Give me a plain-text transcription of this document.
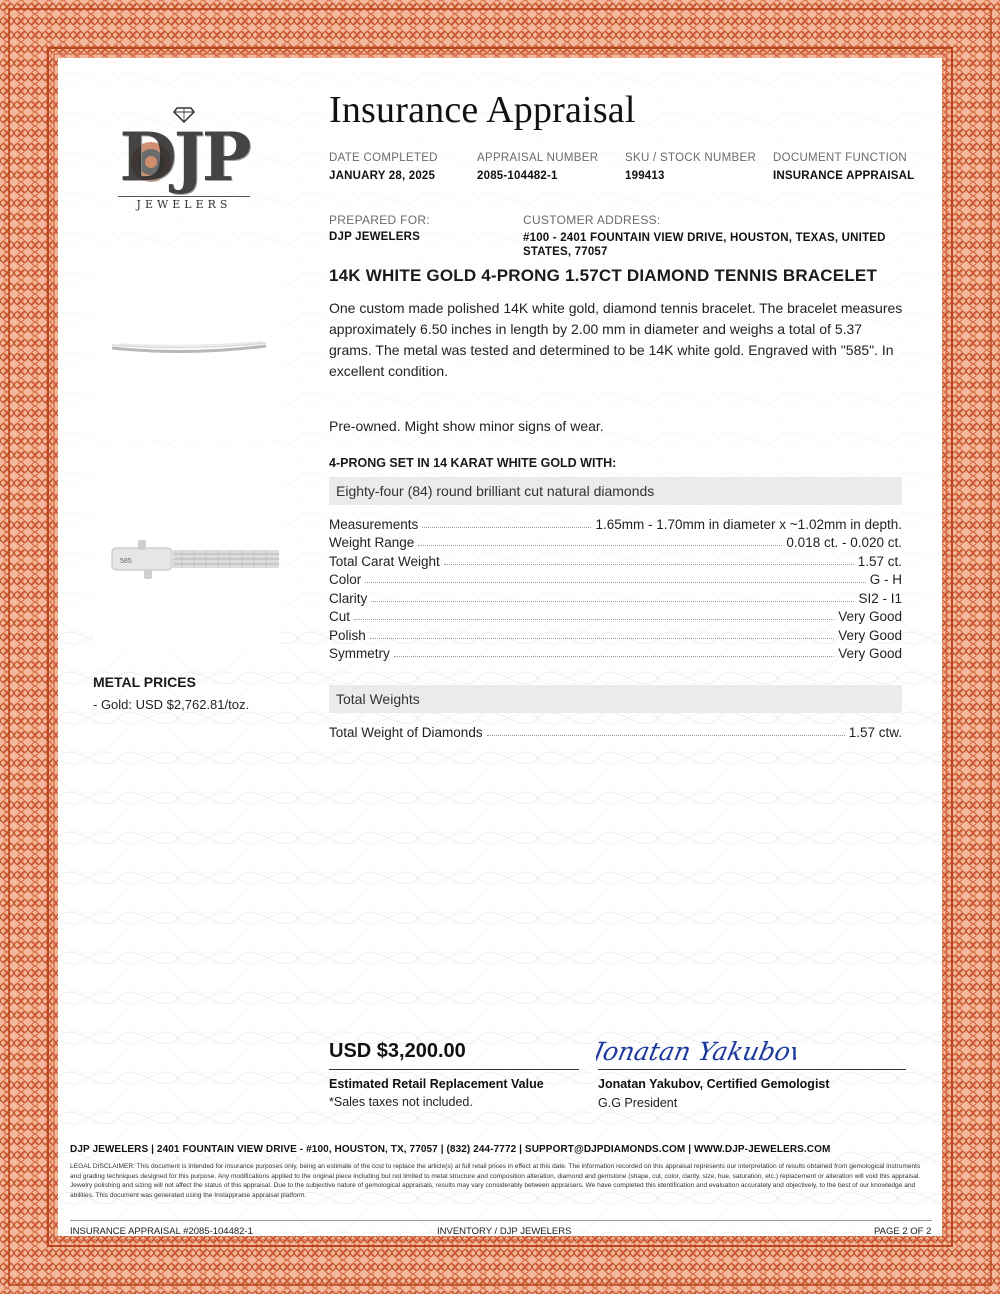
DJP
JEWELERS
Insurance Appraisal
DATE COMPLETED
JANUARY 28, 2025
APPRAISAL NUMBER
2085-104482-1
SKU / STOCK NUMBER
199413
DOCUMENT FUNCTION
INSURANCE APPRAISAL
PREPARED FOR:
DJP JEWELERS
CUSTOMER ADDRESS:
#100 - 2401 FOUNTAIN VIEW DRIVE, HOUSTON, TEXAS, UNITED STATES, 77057
14K WHITE GOLD 4-PRONG 1.57CT DIAMOND TENNIS BRACELET
One custom made polished 14K white gold, diamond tennis bracelet. The bracelet measures approximately 6.50 inches in length by 2.00 mm in diameter and weighs a total of 5.37 grams. The metal was tested and determined to be 14K white gold. Engraved with "585". In excellent condition.
Pre-owned. Might show minor signs of wear.
585
METAL PRICES
- Gold: USD $2,762.81/toz.
4-PRONG SET IN 14 KARAT WHITE GOLD WITH:
Eighty-four (84) round brilliant cut natural diamonds
Measurements	1.65mm - 1.70mm in diameter x ~1.02mm in depth.
Weight Range	0.018 ct. - 0.020 ct.
Total Carat Weight	1.57 ct.
Color	G - H
Clarity	SI2 - I1
Cut	Very Good
Polish	Very Good
Symmetry	Very Good
Total Weights
Total Weight of Diamonds	1.57 ctw.
USD $3,200.00
Estimated Retail Replacement Value
*Sales taxes not included.
Jonatan Yakubov
Jonatan Yakubov, Certified Gemologist
G.G President
DJP JEWELERS | 2401 FOUNTAIN VIEW DRIVE - #100, HOUSTON, TX, 77057 | (832) 244-7772 | SUPPORT@DJPDIAMONDS.COM | WWW.DJP-JEWELERS.COM
LEGAL DISCLAIMER: This document is intended for insurance purposes only, being an estimate of the cost to replace the article(s) at full retail prices in effect at this date. The information recorded on this appraisal represents our interpretation of results obtained from gemological instruments and grading techniques designed for this purpose. Any modifications applied to the original piece including but not limited to metal structure and composition alteration, diamond and gemstone (shape, cut, color, clarity, size, hue, saturation, etc.) replacement or alteration will void this appraisal. Jewelry polishing and sizing will not affect the status of this appraisal. Due to the subjective nature of gemological appraisals, results may vary considerably between appraisers. We have completed this identification and evaluation accurately and objectively, to the best of our knowledge and abilities. This document was generated using the Instappraise appraisal platform.
INSURANCE APPRAISAL #2085-104482-1	INVENTORY / DJP JEWELERS	PAGE 2 OF 2
